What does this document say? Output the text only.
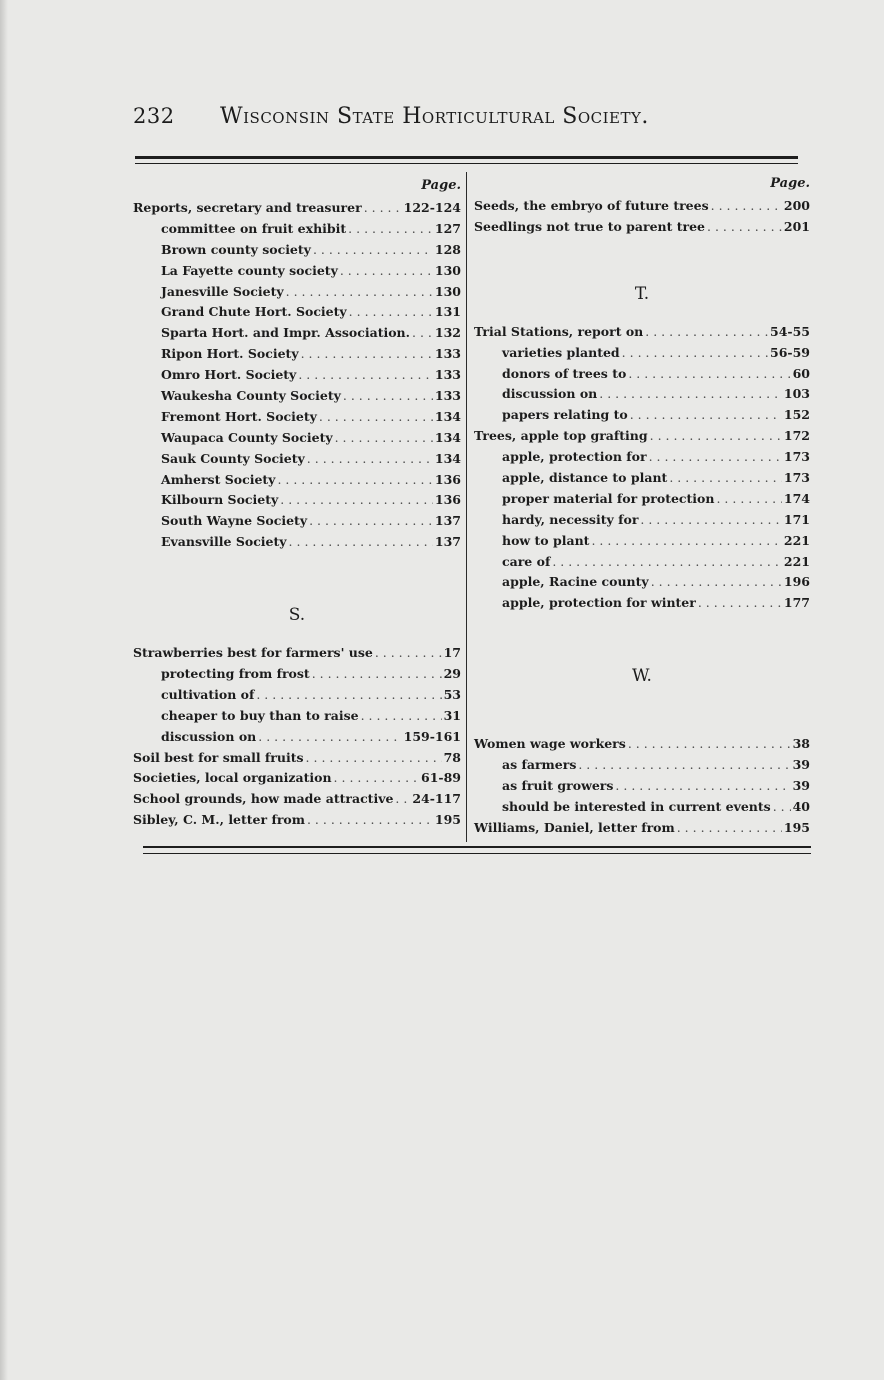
232 Wisconsin State Horticultural Society.
Page.
Reports, secretary and treasurer . . .	122-124
committee on fruit exhibit . . .	127
Brown county society . . .	128
La Fayette county society . . .	130
Janesville Society . . .	130
Grand Chute Hort. Society . . .	131
Sparta Hort. and Impr. Association. . . . 132
Ripon Hort. Society . . .	133
Omro Hort. Society . . .	133
Waukesha County Society . . .	133
Fremont Hort. Society . . .	134
Waupaca County Society . . .	134
Sauk County Society . . .	134
Amherst Society . . .	136
Kilbourn Society . . .	136
South Wayne Society . . .	137
Evansville Society . . .	137
S.
Strawberries best for farmers' use . . .	17
protecting from frost . . .	29
cultivation of . . .	53
cheaper to buy than to raise . . .	31
discussion on . . .	159-161
Soil best for small fruits . . .	78
Societies, local organization . . .	61-89
School grounds, how made attractive . . . 24-117
Sibley, C. M., letter from . . .	195
Page.
Seeds, the embryo of future trees . . .	200
Seedlings not true to parent tree . . .	201
T.
Trial Stations, report on . . .	54-55
varieties planted . . .	56-59
donors of trees to . . .	60
discussion on . . .	103
papers relating to . . .	152
Trees, apple top grafting . . .	172
apple, protection for . . .	173
apple, distance to plant . . .	173
proper material for protection . . .	174
hardy, necessity for . . .	171
how to plant . . .	221
care of . . .	221
apple, Racine county . . .	196
apple, protection for winter . . .	177
W.
Women wage workers . . .	38
as farmers . . .	39
as fruit growers . . .	39
should be interested in current events . . . 40
Williams, Daniel, letter from . . .	195
